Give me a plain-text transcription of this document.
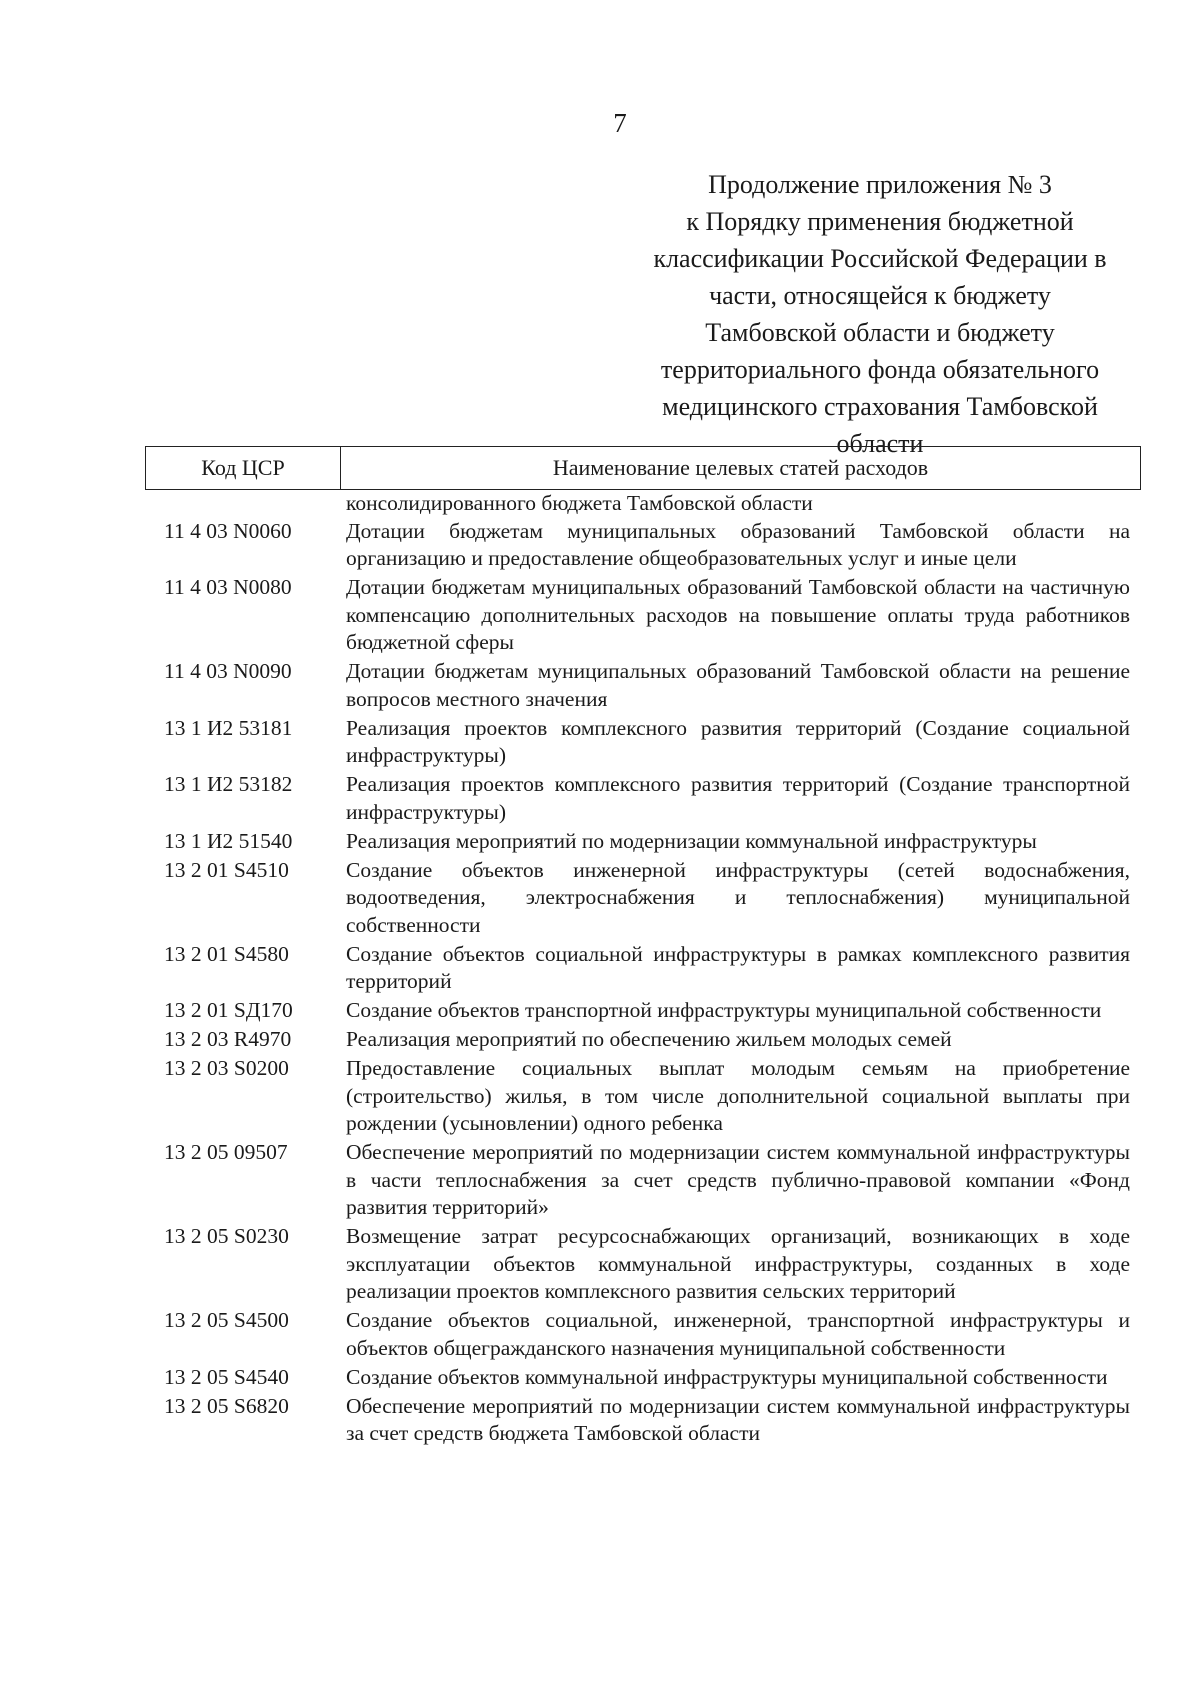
7
Продолжение приложения № 3
к Порядку применения бюджетной
классификации Российской Федерации в
части, относящейся к бюджету
Тамбовской области и бюджету
территориального фонда обязательного
медицинского страхования Тамбовской
области
Код ЦСР	Наименование целевых статей расходов
консолидированного бюджета Тамбовской области
11 4 03 N0060	Дотации бюджетам муниципальных образований Тамбовской области на организацию и предоставление общеобразовательных услуг и иные цели
11 4 03 N0080	Дотации бюджетам муниципальных образований Тамбовской области на частичную компенсацию дополнительных расходов на повышение оплаты труда работников бюджетной сферы
11 4 03 N0090	Дотации бюджетам муниципальных образований Тамбовской области на решение вопросов местного значения
13 1 И2 53181	Реализация проектов комплексного развития территорий (Создание социальной инфраструктуры)
13 1 И2 53182	Реализация проектов комплексного развития территорий (Создание транспортной инфраструктуры)
13 1 И2 51540	Реализация мероприятий по модернизации коммунальной инфраструктуры
13 2 01 S4510	Создание объектов инженерной инфраструктуры (сетей водоснабжения, водоотведения, электроснабжения и теплоснабжения) муниципальной собственности
13 2 01 S4580	Создание объектов социальной инфраструктуры в рамках комплексного развития территорий
13 2 01 SД170	Создание объектов транспортной инфраструктуры муниципальной собственности
13 2 03 R4970	Реализация мероприятий по обеспечению жильем молодых семей
13 2 03 S0200	Предоставление социальных выплат молодым семьям на приобретение (строительство) жилья, в том числе дополнительной социальной выплаты при рождении (усыновлении) одного ребенка
13 2 05 09507	Обеспечение мероприятий по модернизации систем коммунальной инфраструктуры в части теплоснабжения за счет средств публично-правовой компании «Фонд развития территорий»
13 2 05 S0230	Возмещение затрат ресурсоснабжающих организаций, возникающих в ходе эксплуатации объектов коммунальной инфраструктуры, созданных в ходе реализации проектов комплексного развития сельских территорий
13 2 05 S4500	Создание объектов социальной, инженерной, транспортной инфраструктуры и объектов общегражданского назначения муниципальной собственности
13 2 05 S4540	Создание объектов коммунальной инфраструктуры муниципальной собственности
13 2 05 S6820	Обеспечение мероприятий по модернизации систем коммунальной инфраструктуры за счет средств бюджета Тамбовской области
